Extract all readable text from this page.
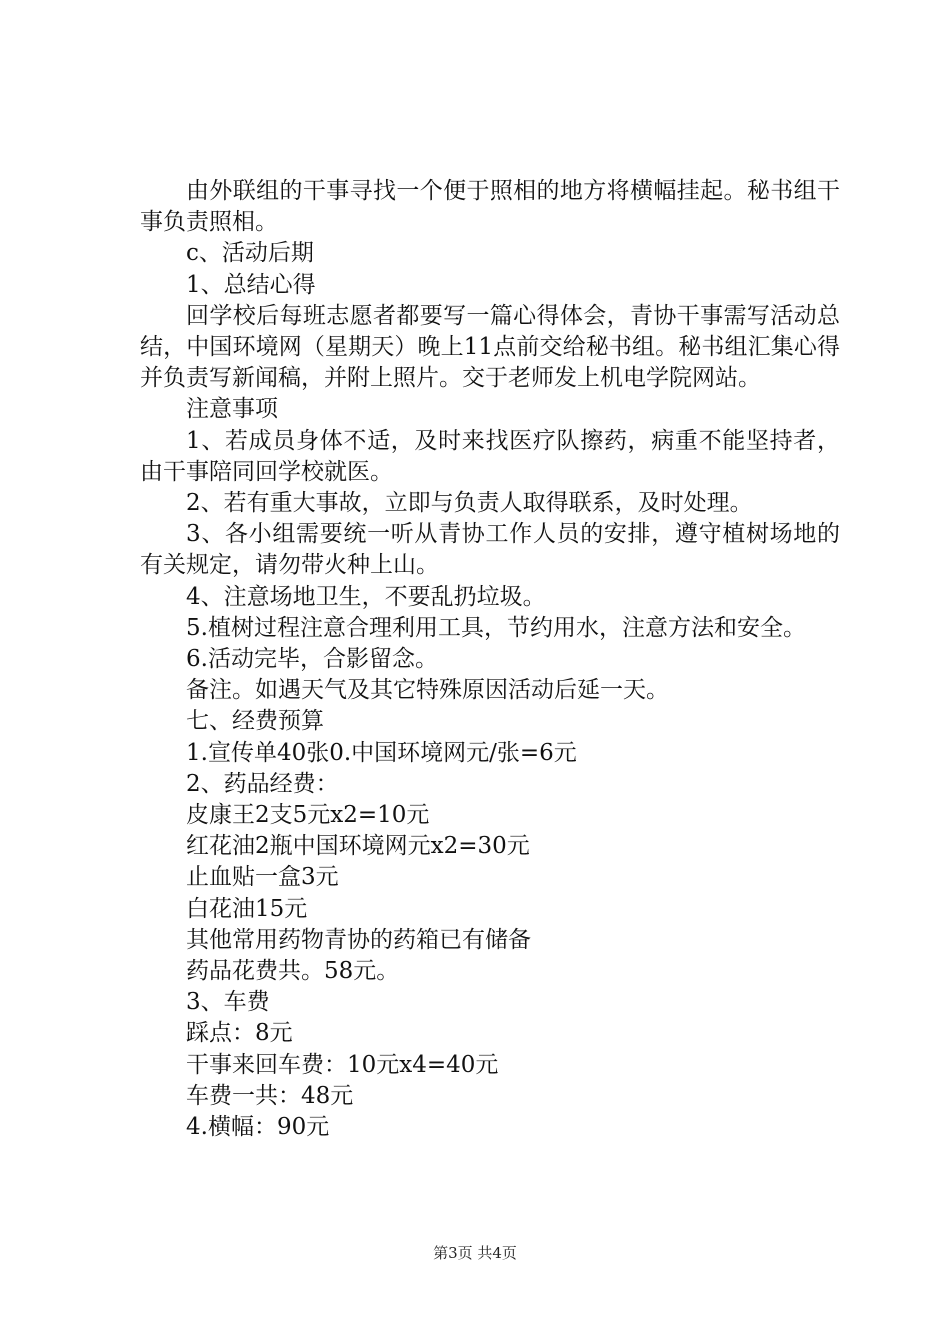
由外联组的干事寻找一个便于照相的地方将横幅挂起。秘书组干事负责照相。

c、活动后期

1、总结心得

回学校后每班志愿者都要写一篇心得体会，青协干事需写活动总结，中国环境网（星期天）晚上11点前交给秘书组。秘书组汇集心得并负责写新闻稿，并附上照片。交于老师发上机电学院网站。

注意事项

1、若成员身体不适，及时来找医疗队擦药，病重不能坚持者，由干事陪同回学校就医。

2、若有重大事故，立即与负责人取得联系，及时处理。

3、各小组需要统一听从青协工作人员的安排，遵守植树场地的有关规定，请勿带火种上山。

4、注意场地卫生，不要乱扔垃圾。

5.植树过程注意合理利用工具，节约用水，注意方法和安全。

6.活动完毕，合影留念。

备注。如遇天气及其它特殊原因活动后延一天。

七、经费预算

1.宣传单40张0.中国环境网元/张=6元

2、药品经费：

皮康王2支5元x2=10元

红花油2瓶中国环境网元x2=30元

止血贴一盒3元

白花油15元

其他常用药物青协的药箱已有储备

药品花费共。58元。

3、车费

踩点：8元

干事来回车费：10元x4=40元

车费一共：48元

4.横幅：90元

第3页 共4页
